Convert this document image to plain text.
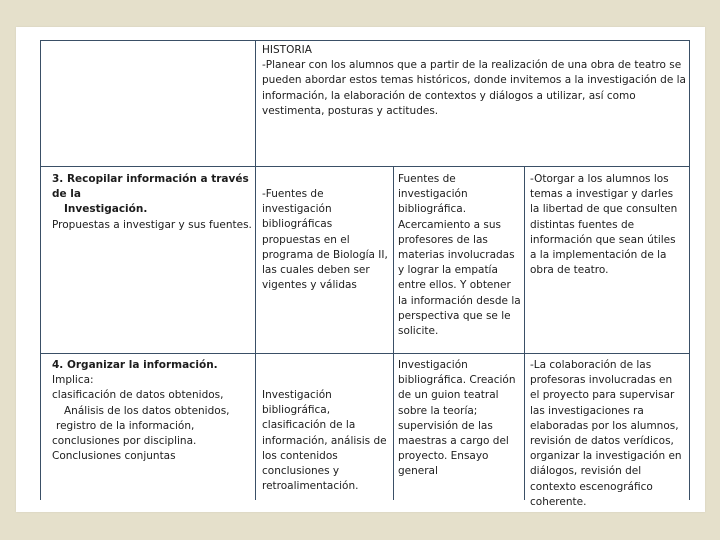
HISTORIA

-Planear con los alumnos que a partir de la realización de una obra de teatro se pueden abordar estos temas históricos, donde invitemos a la investigación de la información, la elaboración de contextos y diálogos a utilizar, así como vestimenta, posturas y actitudes.

3. Recopilar información a través de la

Investigación.

Propuestas a investigar y sus fuentes.

-Fuentes de investigación bibliográficas propuestas en el programa de Biología II, las cuales deben ser vigentes y válidas

Fuentes de investigación bibliográfica. Acercamiento a sus profesores de las materias involucradas y lograr la empatía entre ellos. Y obtener la información desde la perspectiva que se le solicite.

-Otorgar a los alumnos los temas a investigar y darles la libertad de que consulten distintas fuentes de información que sean útiles a la implementación de la obra de teatro.

4. Organizar la información.

Implica:

clasificación de datos obtenidos,

Análisis de los datos obtenidos,

registro de la información,

conclusiones por disciplina.

Conclusiones conjuntas

Investigación bibliográfica, clasificación de la información, análisis de los contenidos conclusiones y retroalimentación.

Investigación bibliográfica. Creación de un guion teatral sobre la teoría; supervisión de las maestras a cargo del proyecto. Ensayo general

-La colaboración de las profesoras involucradas en el proyecto para supervisar las investigaciones ra elaboradas por los alumnos, revisión de datos verídicos, organizar la investigación en diálogos, revisión del contexto escenográfico coherente.
